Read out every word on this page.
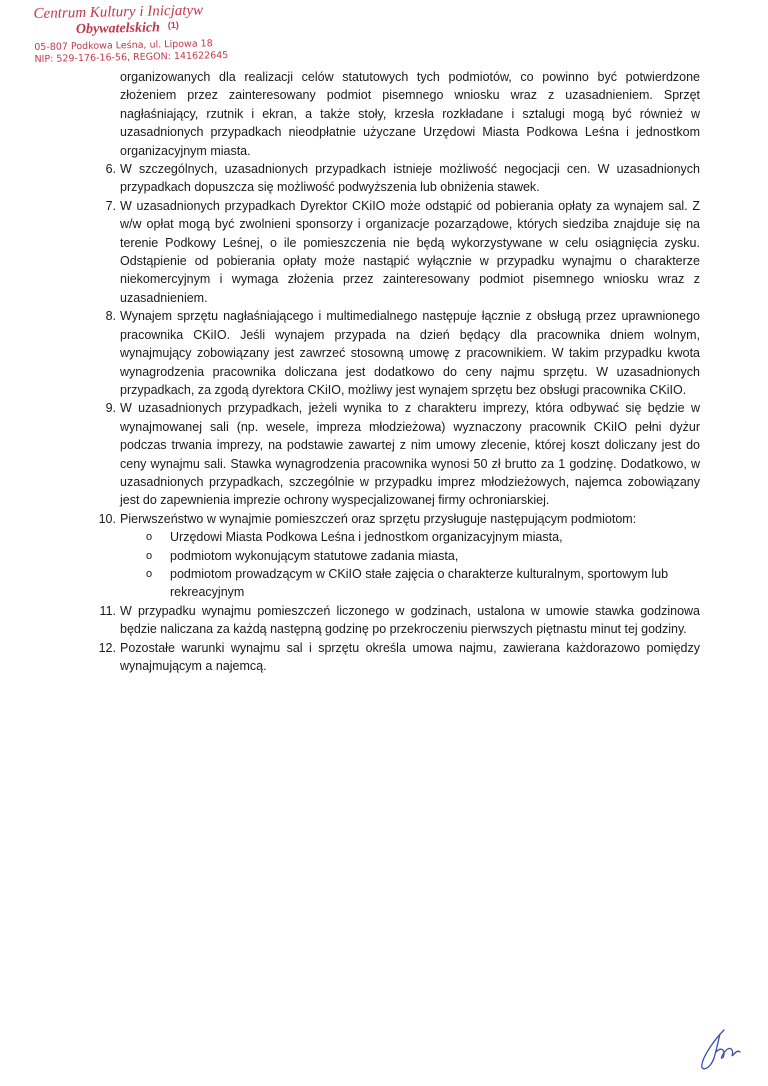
Centrum Kultury i Inicjatyw
Obywatelskich $^{(1)}$
05-807 Podkowa Leśna, ul. Lipowa 18
NIP: 529-176-16-56, REGON: 141622645

organizowanych dla realizacji celów statutowych tych podmiotów, co powinno być potwierdzone złożeniem przez zainteresowany podmiot pisemnego wniosku wraz z uzasadnieniem. Sprzęt nagłaśniający, rzutnik i ekran, a także stoły, krzesła rozkładane i sztalugi mogą być również w uzasadnionych przypadkach nieodpłatnie użyczane Urzędowi Miasta Podkowa Leśna i jednostkom organizacyjnym miasta.

6. W szczególnych, uzasadnionych przypadkach istnieje możliwość negocjacji cen. W uzasadnionych przypadkach dopuszcza się możliwość podwyższenia lub obniżenia stawek.
7. W uzasadnionych przypadkach Dyrektor CKiIO może odstąpić od pobierania opłaty za wynajem sal. Z w/w opłat mogą być zwolnieni sponsorzy i organizacje pozarządowe, których siedziba znajduje się na terenie Podkowy Leśnej, o ile pomieszczenia nie będą wykorzystywane w celu osiągnięcia zysku. Odstąpienie od pobierania opłaty może nastąpić wyłącznie w przypadku wynajmu o charakterze niekomercyjnym i wymaga złożenia przez zainteresowany podmiot pisemnego wniosku wraz z uzasadnieniem.
8. Wynajem sprzętu nagłaśniającego i multimedialnego następuje łącznie z obsługą przez uprawnionego pracownika CKiIO. Jeśli wynajem przypada na dzień będący dla pracownika dniem wolnym, wynajmujący zobowiązany jest zawrzeć stosowną umowę z pracownikiem. W takim przypadku kwota wynagrodzenia pracownika doliczana jest dodatkowo do ceny najmu sprzętu. W uzasadnionych przypadkach, za zgodą dyrektora CKiIO, możliwy jest wynajem sprzętu bez obsługi pracownika CKiIO.
9. W uzasadnionych przypadkach, jeżeli wynika to z charakteru imprezy, która odbywać się będzie w wynajmowanej sali (np. wesele, impreza młodzieżowa) wyznaczony pracownik CKiIO pełni dyżur podczas trwania imprezy, na podstawie zawartej z nim umowy zlecenie, której koszt doliczany jest do ceny wynajmu sali. Stawka wynagrodzenia pracownika wynosi 50 zł brutto za 1 godzinę. Dodatkowo, w uzasadnionych przypadkach, szczególnie w przypadku imprez młodzieżowych, najemca zobowiązany jest do zapewnienia imprezie ochrony wyspecjalizowanej firmy ochroniarskiej.
10. Pierwszeństwo w wynajmie pomieszczeń oraz sprzętu przysługuje następującym podmiotom:
o Urzędowi Miasta Podkowa Leśna i jednostkom organizacyjnym miasta,
o podmiotom wykonującym statutowe zadania miasta,
o podmiotom prowadzącym w CKiIO stałe zajęcia o charakterze kulturalnym, sportowym lub rekreacyjnym
11. W przypadku wynajmu pomieszczeń liczonego w godzinach, ustalona w umowie stawka godzinowa będzie naliczana za każdą następną godzinę po przekroczeniu pierwszych piętnastu minut tej godziny.
12. Pozostałe warunki wynajmu sal i sprzętu określa umowa najmu, zawierana każdorazowo pomiędzy wynajmującym a najemcą.
